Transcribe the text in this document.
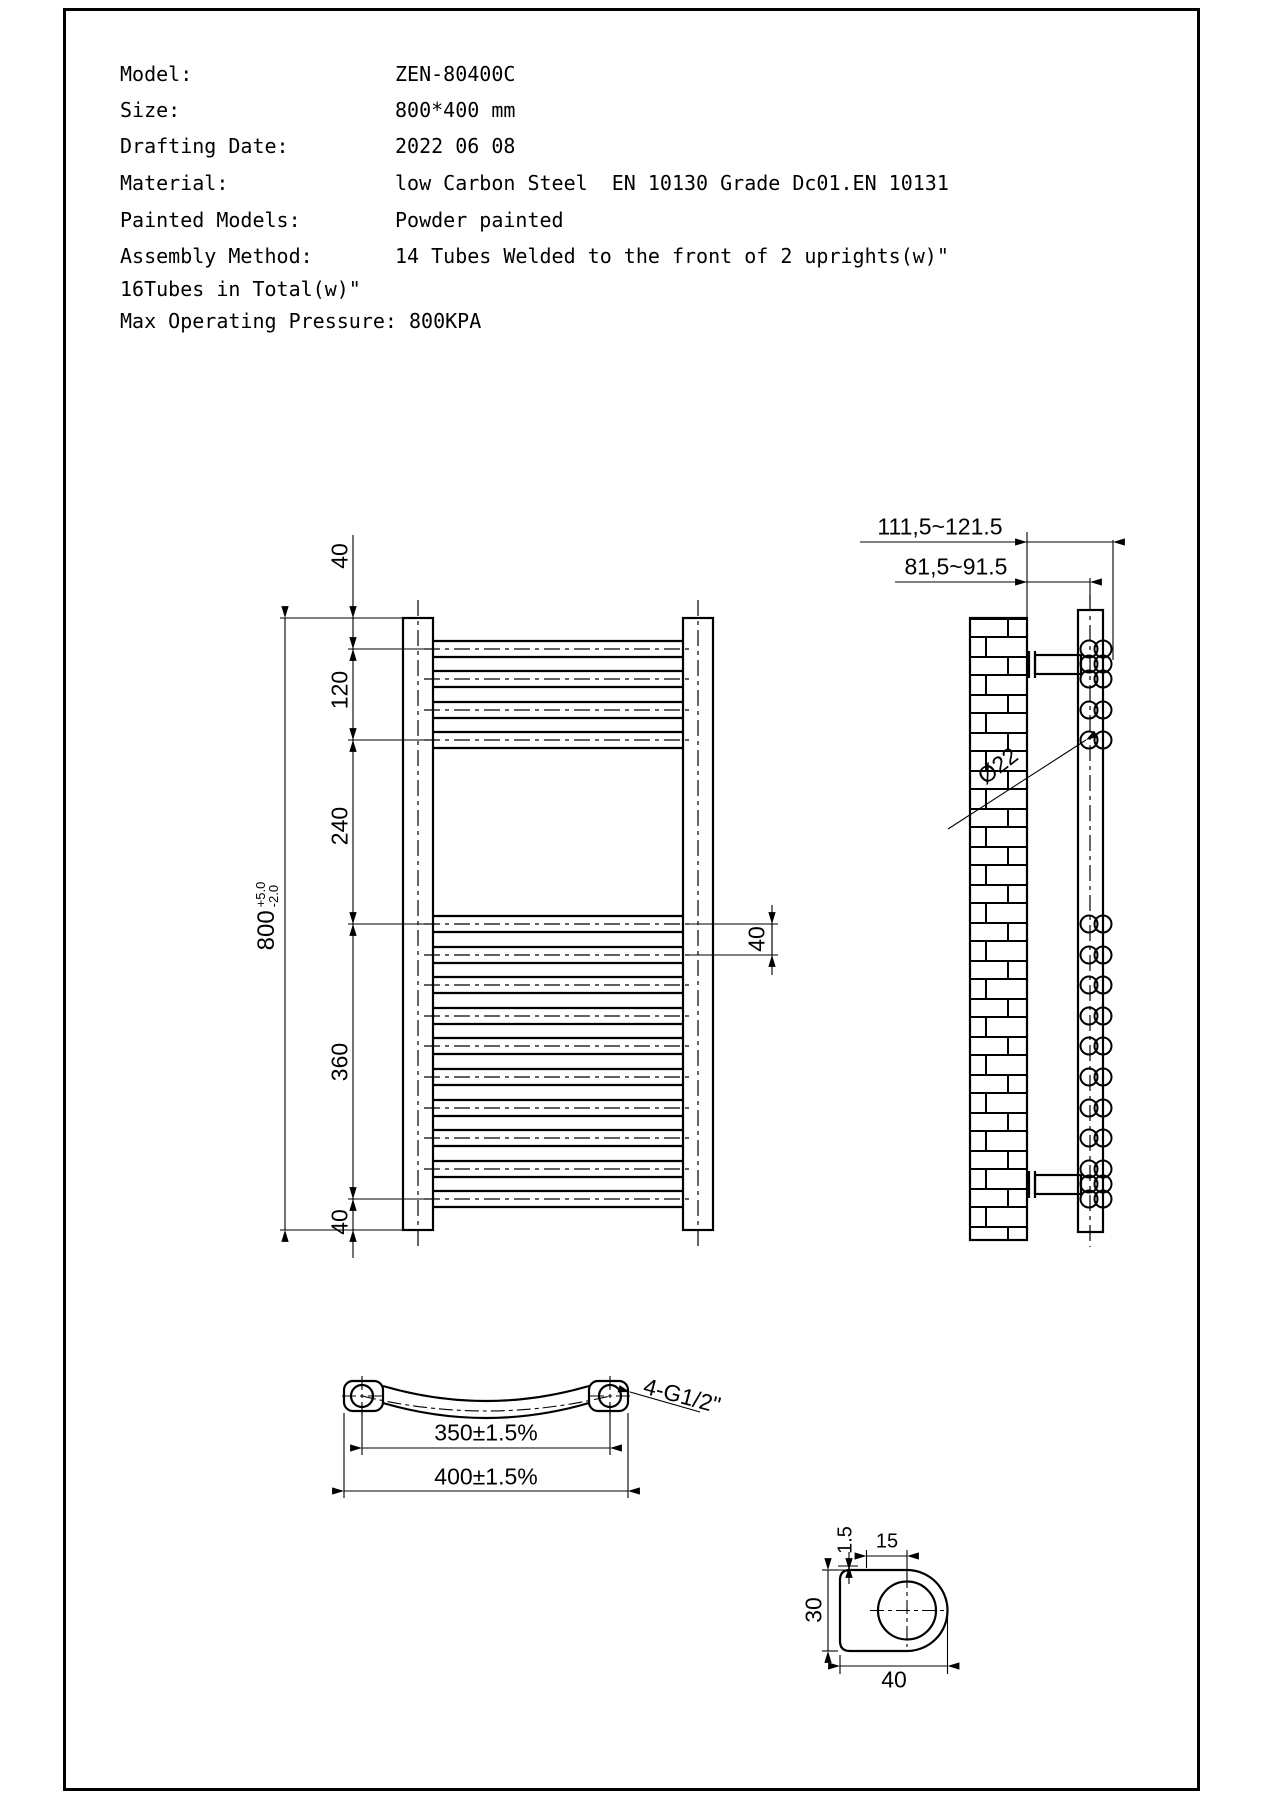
Model:	ZEN-80400C
Size:	800*400 mm
Drafting Date:	2022 06 08
Material:	low Carbon Steel  EN 10130 Grade Dc01.EN 10131
Painted Models:	Powder painted
Assembly Method:	14 Tubes Welded to the front of 2 uprights(w)"
16Tubes in Total(w)"
Max Operating Pressure: 800KPA
40
120
240
360
40
40

800
+5.0
-2.0

111,5~121.5
81,5~91.5
Ø22
350±1.5%
400±1.5%
4-G1/2"
1.5 15
30
40
